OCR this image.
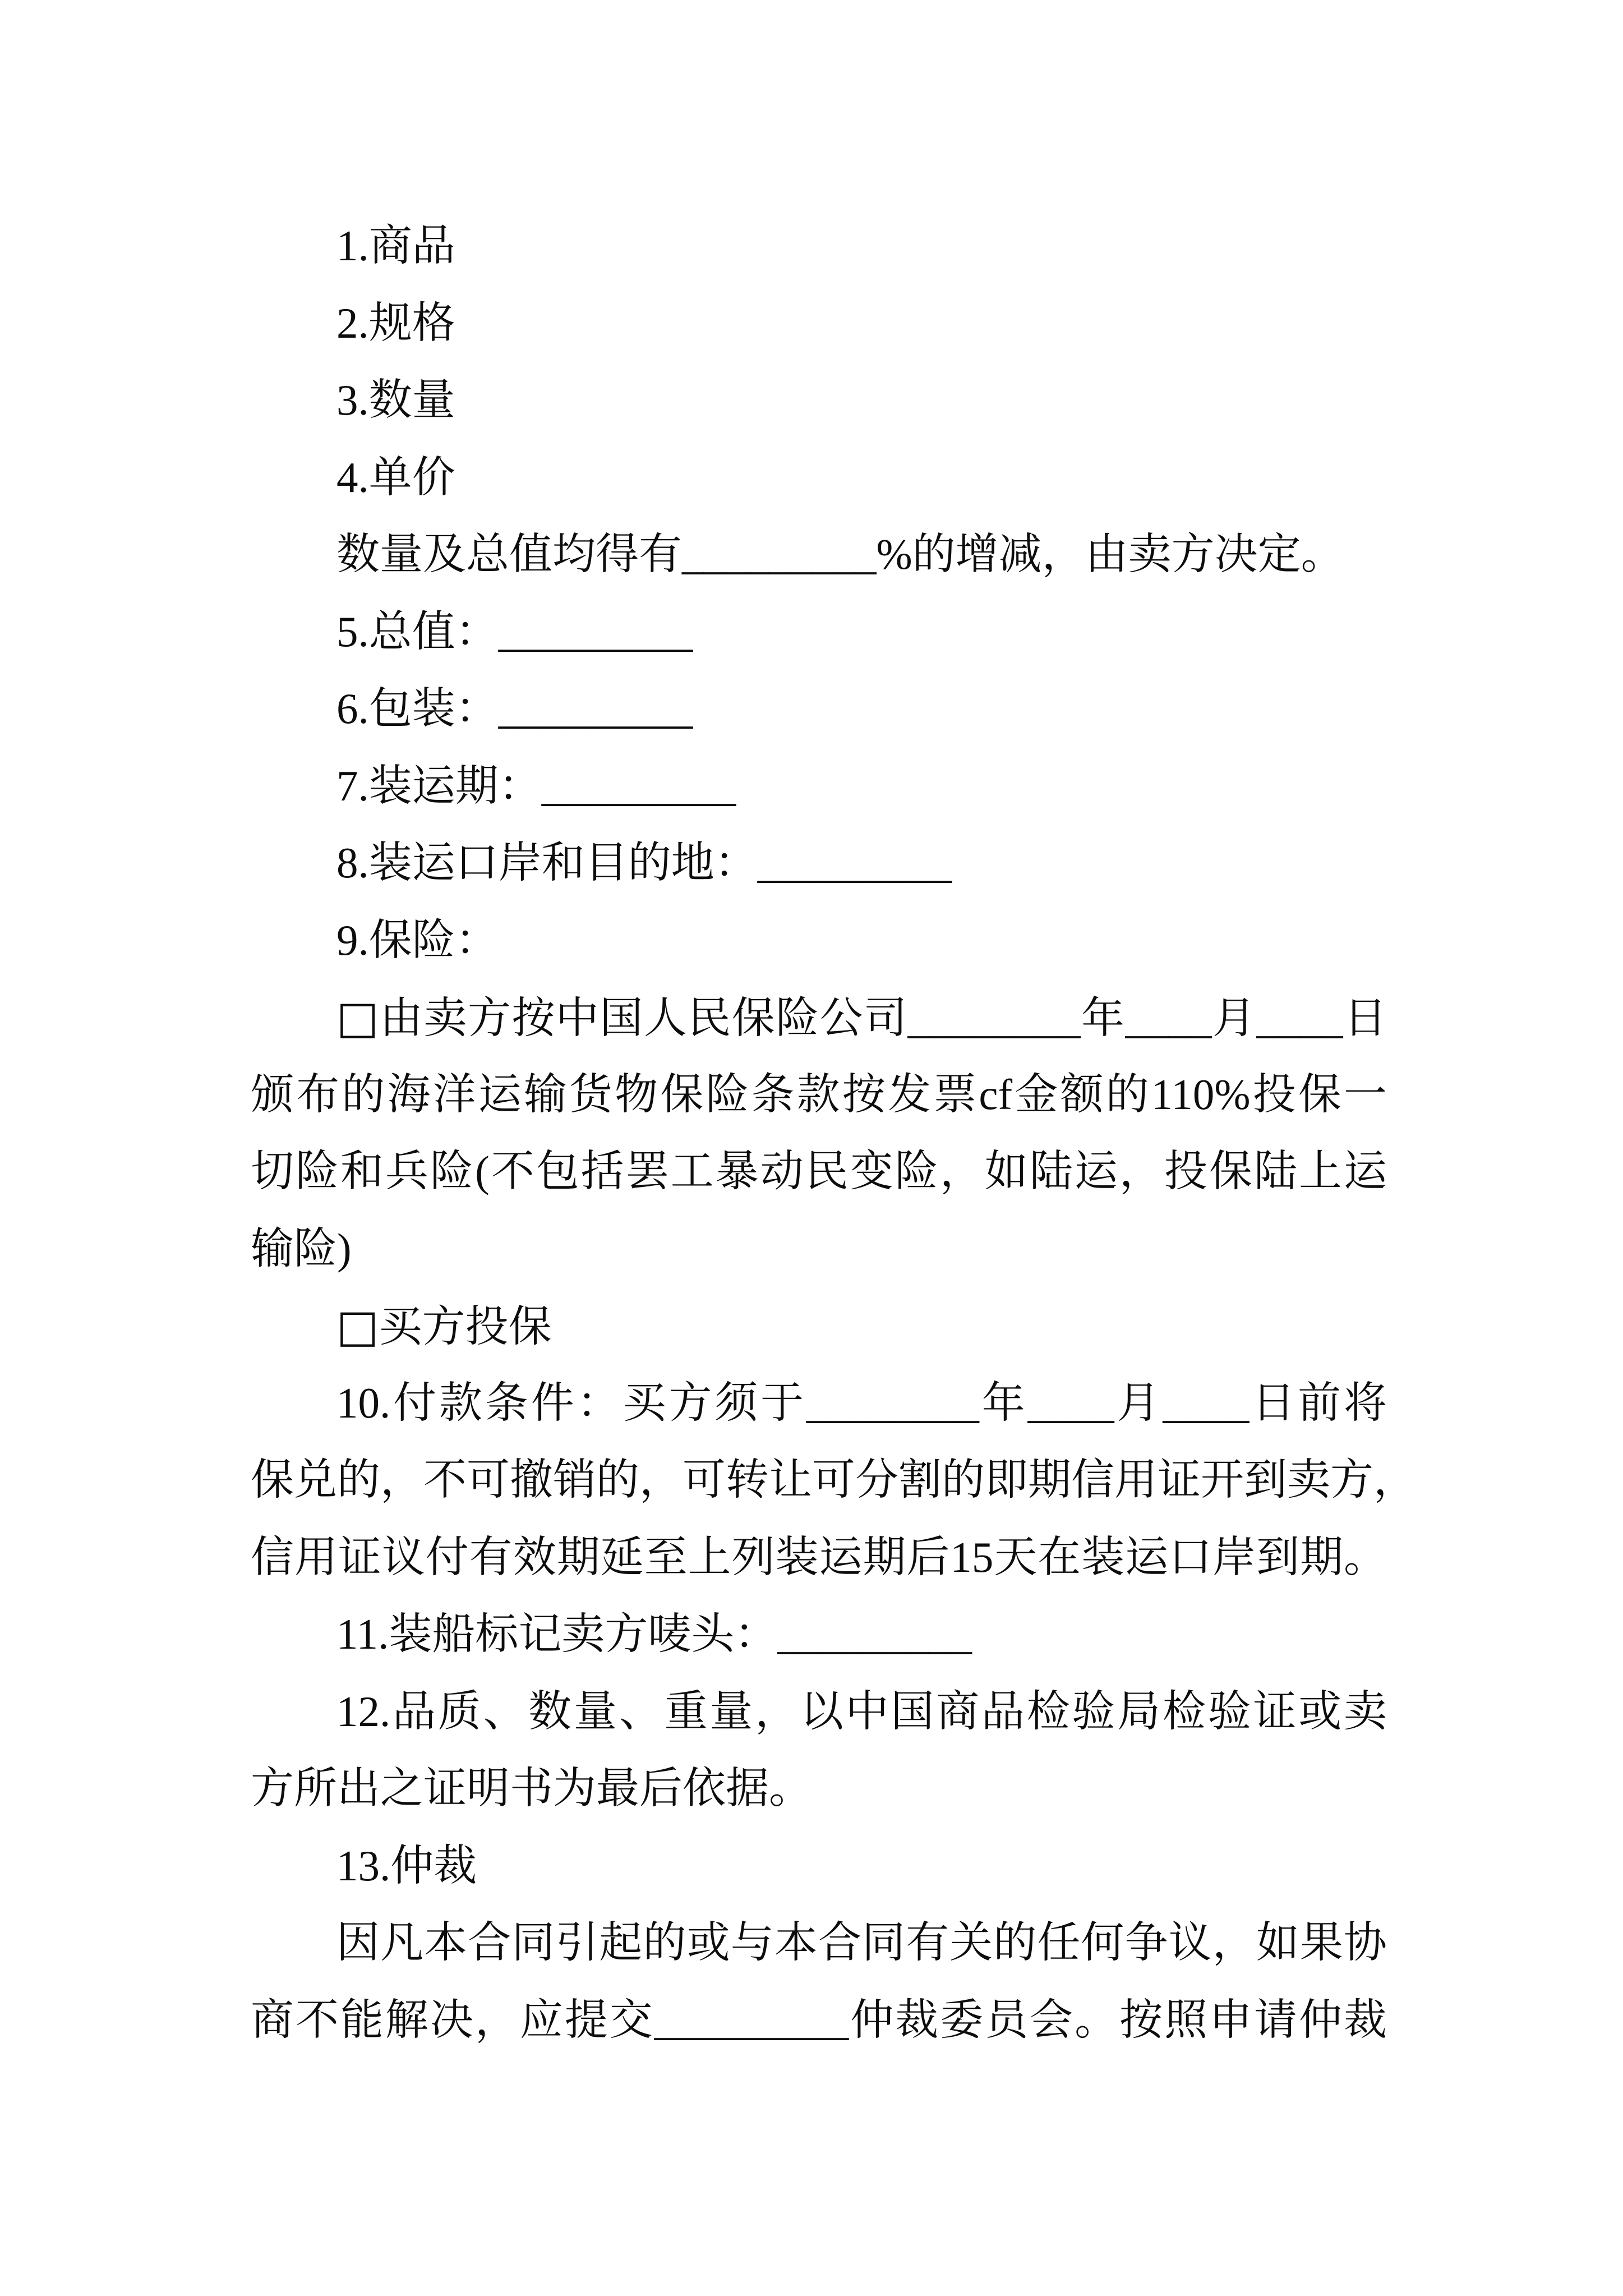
1.商品
2.规格
3.数量
4.单价
数量及总值均得有_________%的增减，由卖方决定。
5.总值：_________
6.包装：_________
7.装运期：_________
8.装运口岸和目的地：_________
9.保险：
□由卖方按中国人民保险公司________年____月____日
颁布的海洋运输货物保险条款按发票cf金额的110%投保一
切险和兵险(不包括罢工暴动民变险，如陆运，投保陆上运
输险)
□买方投保
10.付款条件：买方须于________年____月____日前将
保兑的，不可撤销的，可转让可分割的即期信用证开到卖方，
信用证议付有效期延至上列装运期后15天在装运口岸到期。
11.装船标记卖方唛头：_________
12.品质、数量、重量，以中国商品检验局检验证或卖
方所出之证明书为最后依据。
13.仲裁
因凡本合同引起的或与本合同有关的任何争议，如果协
商不能解决，应提交_________仲裁委员会。按照申请仲裁
